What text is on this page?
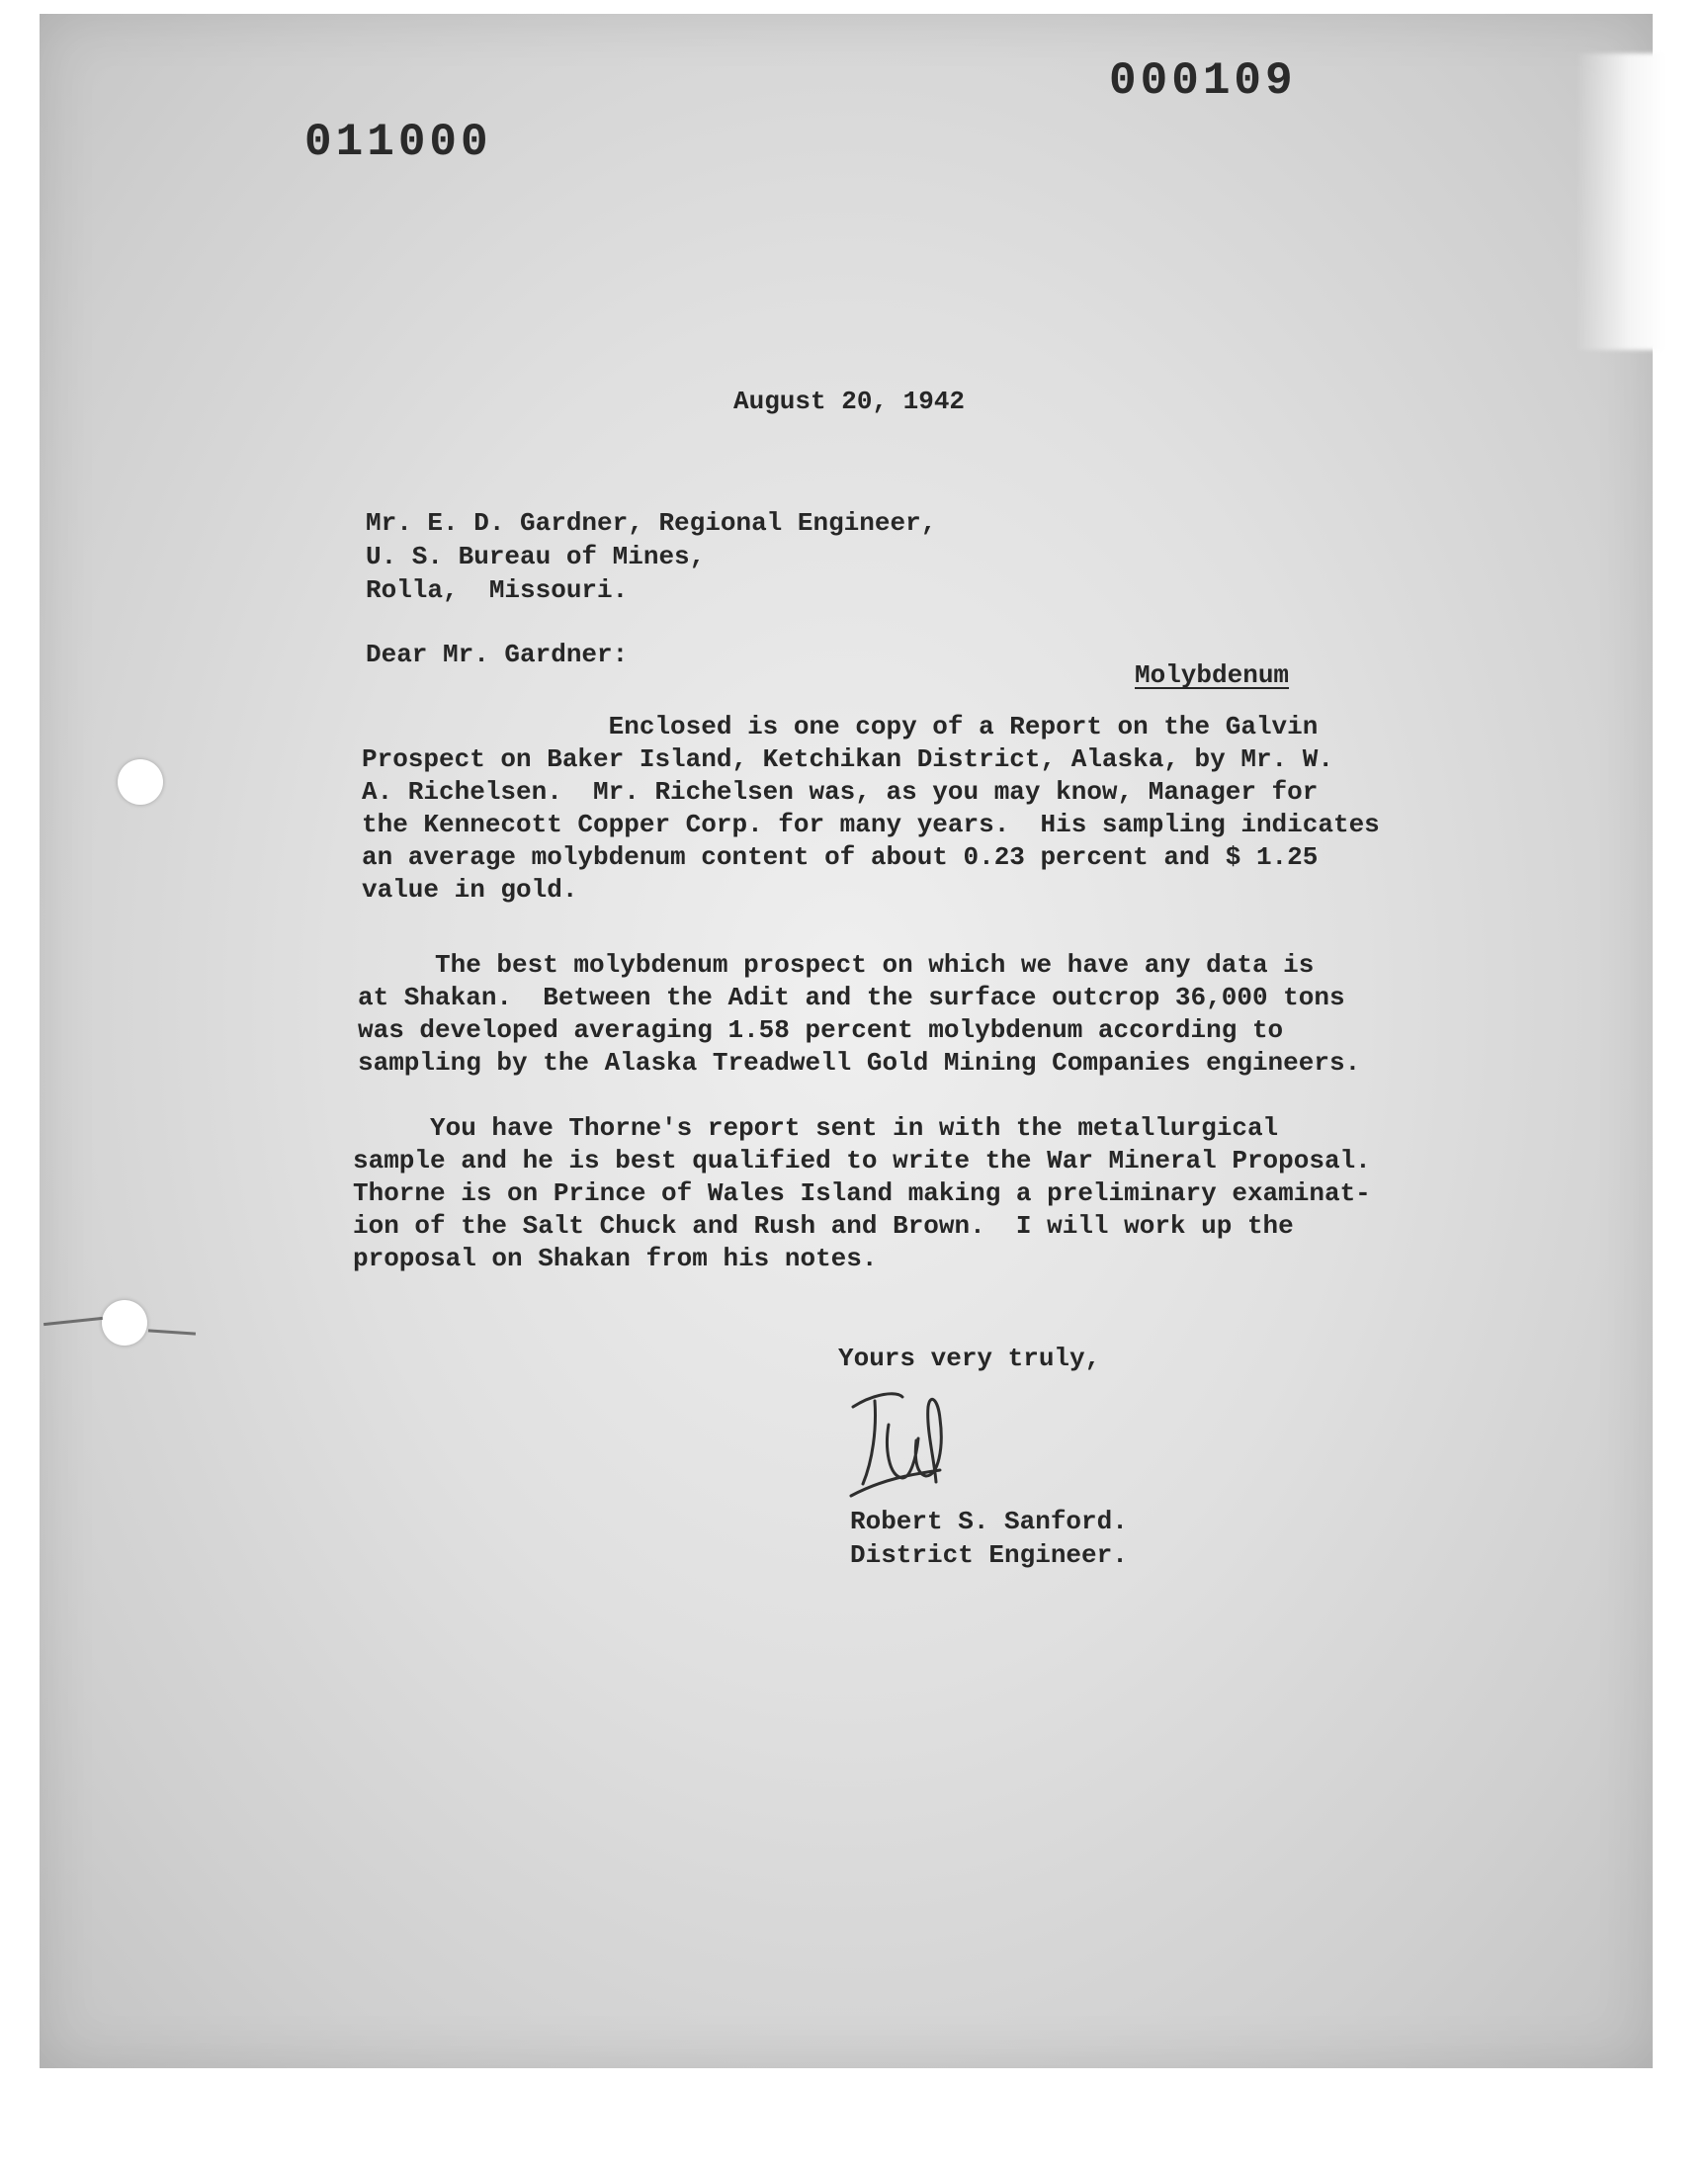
000109
011000
August 20, 1942
Mr. E. D. Gardner, Regional Engineer,
U. S. Bureau of Mines,
Rolla,  Missouri.
Dear Mr. Gardner:
Molybdenum
Enclosed is one copy of a Report on the Galvin
Prospect on Baker Island, Ketchikan District, Alaska, by Mr. W.
A. Richelsen.  Mr. Richelsen was, as you may know, Manager for
the Kennecott Copper Corp. for many years.  His sampling indicates
an average molybdenum content of about 0.23 percent and $ 1.25
value in gold.
The best molybdenum prospect on which we have any data is
at Shakan.  Between the Adit and the surface outcrop 36,000 tons
was developed averaging 1.58 percent molybdenum according to
sampling by the Alaska Treadwell Gold Mining Companies engineers.
You have Thorne's report sent in with the metallurgical
sample and he is best qualified to write the War Mineral Proposal.
Thorne is on Prince of Wales Island making a preliminary examinat-
ion of the Salt Chuck and Rush and Brown.  I will work up the
proposal on Shakan from his notes.
Yours very truly,
Robert S. Sanford.
District Engineer.
